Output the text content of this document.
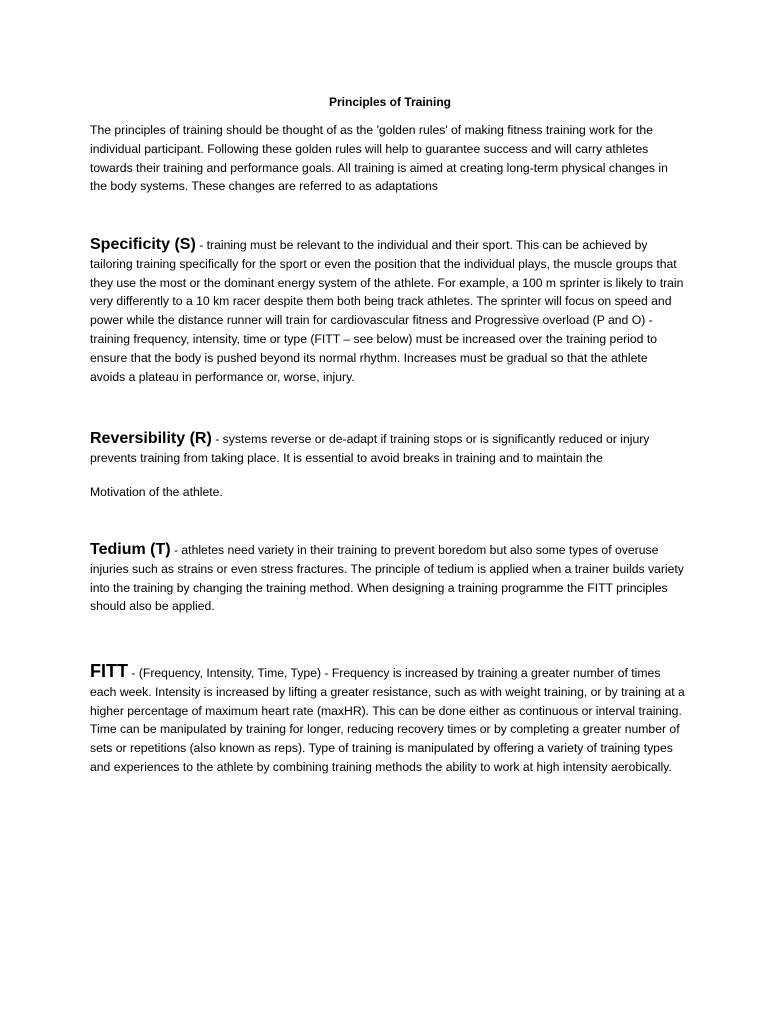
Principles of Training

The principles of training should be thought of as the 'golden rules' of making fitness training work for the individual participant. Following these golden rules will help to guarantee success and will carry athletes towards their training and performance goals. All training is aimed at creating long-term physical changes in the body systems. These changes are referred to as adaptations

Specificity (S) - training must be relevant to the individual and their sport. This can be achieved by tailoring training specifically for the sport or even the position that the individual plays, the muscle groups that they use the most or the dominant energy system of the athlete. For example, a 100 m sprinter is likely to train very differently to a 10 km racer despite them both being track athletes. The sprinter will focus on speed and power while the distance runner will train for cardiovascular fitness and Progressive overload (P and O) - training frequency, intensity, time or type (FITT – see below) must be increased over the training period to ensure that the body is pushed beyond its normal rhythm. Increases must be gradual so that the athlete avoids a plateau in performance or, worse, injury.

Reversibility (R) - systems reverse or de-adapt if training stops or is significantly reduced or injury prevents training from taking place. It is essential to avoid breaks in training and to maintain the

Motivation of the athlete.

Tedium (T) - athletes need variety in their training to prevent boredom but also some types of overuse injuries such as strains or even stress fractures. The principle of tedium is applied when a trainer builds variety into the training by changing the training method. When designing a training programme the FITT principles should also be applied.

FITT - (Frequency, Intensity, Time, Type) - Frequency is increased by training a greater number of times each week. Intensity is increased by lifting a greater resistance, such as with weight training, or by training at a higher percentage of maximum heart rate (maxHR). This can be done either as continuous or interval training. Time can be manipulated by training for longer, reducing recovery times or by completing a greater number of sets or repetitions (also known as reps). Type of training is manipulated by offering a variety of training types and experiences to the athlete by combining training methods the ability to work at high intensity aerobically.
